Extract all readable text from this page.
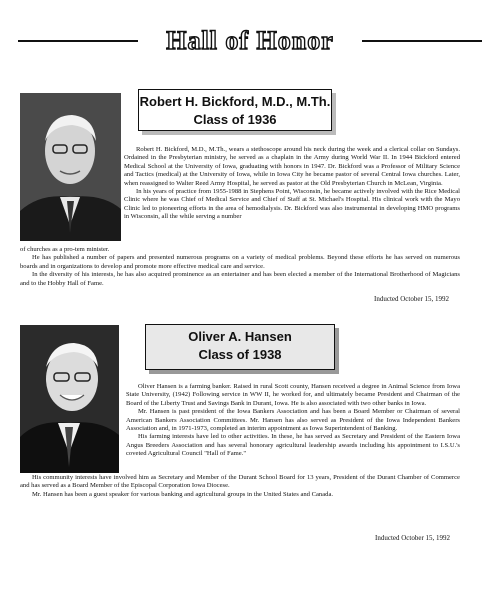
Hall of Honor
Robert H. Bickford, M.D., M.Th.
Class of 1936

Robert H. Bickford, M.D., M.Th., wears a stethoscope around his neck during the week and a clerical collar on Sundays. Ordained in the Presbyterian ministry, he served as a chaplain in the Army during World War II. In 1944 Bickford entered Medical School at the University of Iowa, graduating with honors in 1947. Dr. Bickford was a Professor of Military Science and Tactics (medical) at the University of Iowa, while in Iowa City he became pastor of several Central Iowa churches. Later, when reassigned to Walter Reed Army Hospital, he served as pastor at the Old Presbyterian Church in McLean, Virginia.

In his years of practice from 1955-1988 in Stephens Point, Wisconsin, he became actively involved with the Rice Medical Clinic where he was Chief of Medical Service and Chief of Staff at St. Michael's Hospital. His clinical work with the Mayo Clinic led to pioneering efforts in the area of hemodialysis. Dr. Bickford was also instrumental in developing HMO programs in Wisconsin, all the while serving a number

of churches as a pro-tem minister.

He has published a number of papers and presented numerous programs on a variety of medical problems. Beyond these efforts he has served on numerous boards and in organizations to develop and promote more effective medical care and service.

In the diversity of his interests, he has also acquired prominence as an entertainer and has been elected a member of the International Brotherhood of Magicians and to the Hobby Hall of Fame.

Inducted October 15, 1992
Oliver A. Hansen
Class of 1938

Oliver Hansen is a farming banker. Raised in rural Scott county, Hansen received a degree in Animal Science from Iowa State University, (1942) Following service in WW II, he worked for, and ultimately became President and Chairman of the Board of the Liberty Trust and Savings Bank in Durant, Iowa. He is also associated with two other banks in Iowa.

Mr. Hansen is past president of the Iowa Bankers Association and has been a Board Member or Chairman of several American Bankers Association Committees. Mr. Hansen has also served as President of the Iowa Independent Bankers Association and, in 1971-1973, completed an interim appointment as Iowa Superintendent of Banking.

His farming interests have led to other activities. In these, he has served as Secretary and President of the Eastern Iowa Angus Breeders Association and has several honorary agricultural leadership awards including his appointment to I.S.U.'s coveted Agricultural Council "Hall of Fame."

His community interests have involved him as Secretary and Member of the Durant School Board for 13 years, President of the Durant Chamber of Commerce and has served as a Board Member of the Episcopal Corporation Iowa Diocese.

Mr. Hansen has been a guest speaker for various banking and agricultural groups in the United States and Canada.

Inducted October 15, 1992
